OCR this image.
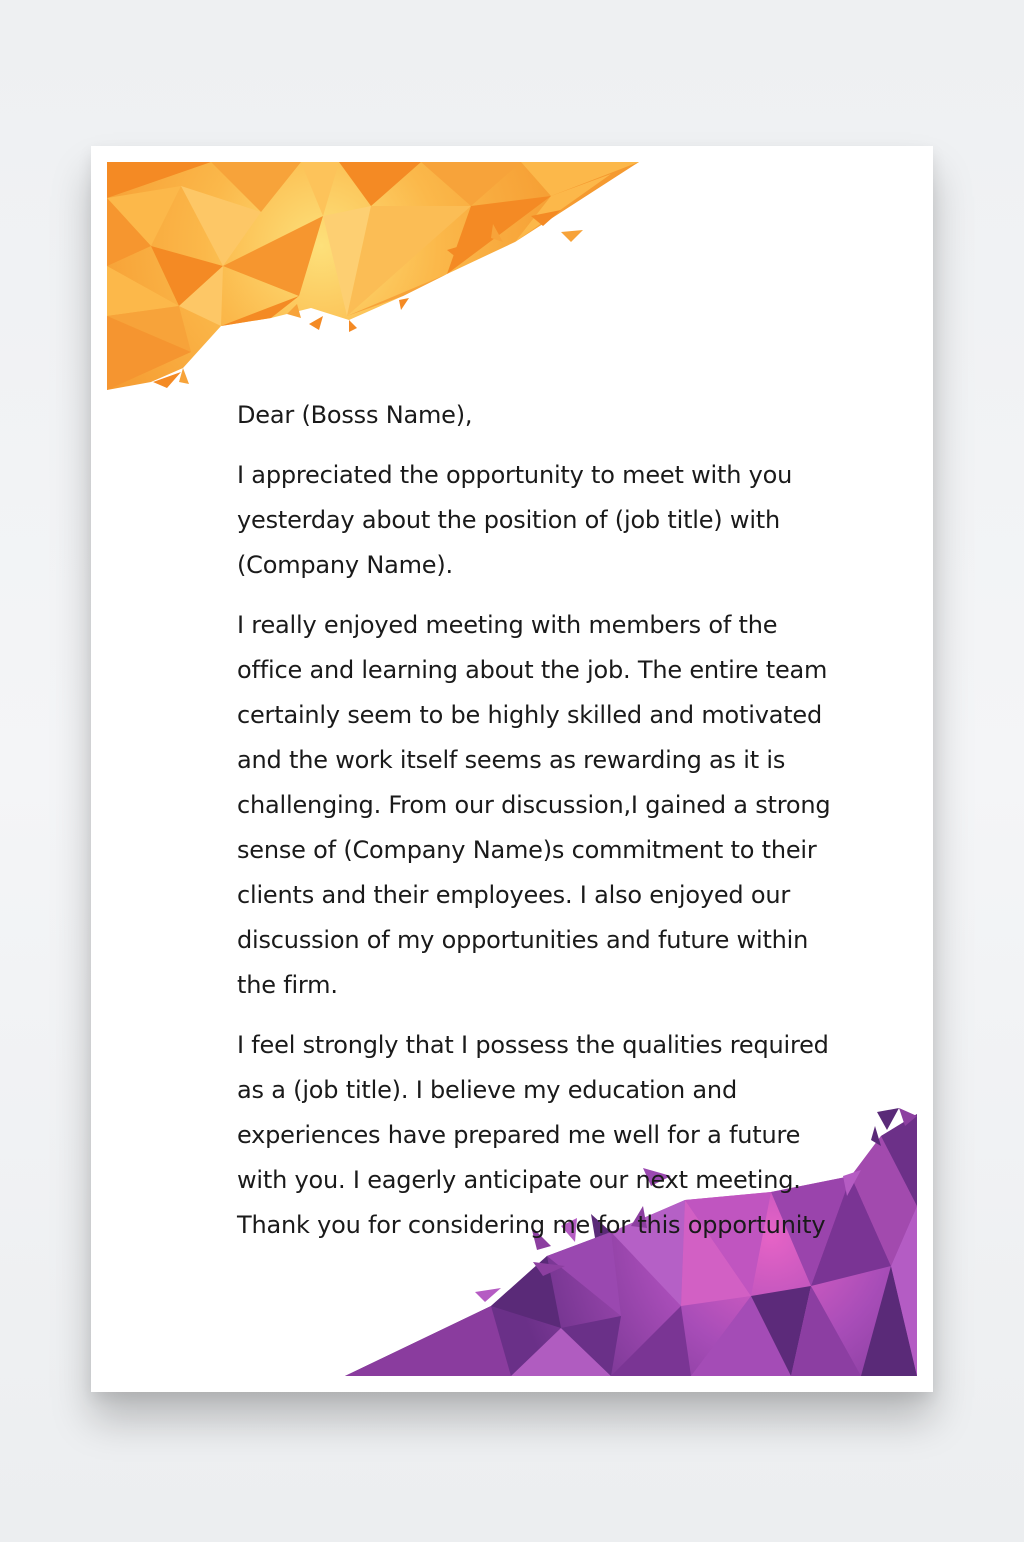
Dear (Bosss Name),

I appreciated the opportunity to meet with you yesterday about the position of (job title) with (Company Name).

I really enjoyed meeting with members of the office and learning about the job. The entire team certainly seem to be highly skilled and motivated and the work itself seems as rewarding as it is challenging. From our discussion,I gained a strong sense of (Company Name)s commitment to their clients and their employees. I also enjoyed our discussion of my opportunities and future within the firm.

I feel strongly that I possess the qualities required as a (job title). I believe my education and experiences have prepared me well for a future with you. I eagerly anticipate our next meeting. Thank you for considering me for this opportunity
